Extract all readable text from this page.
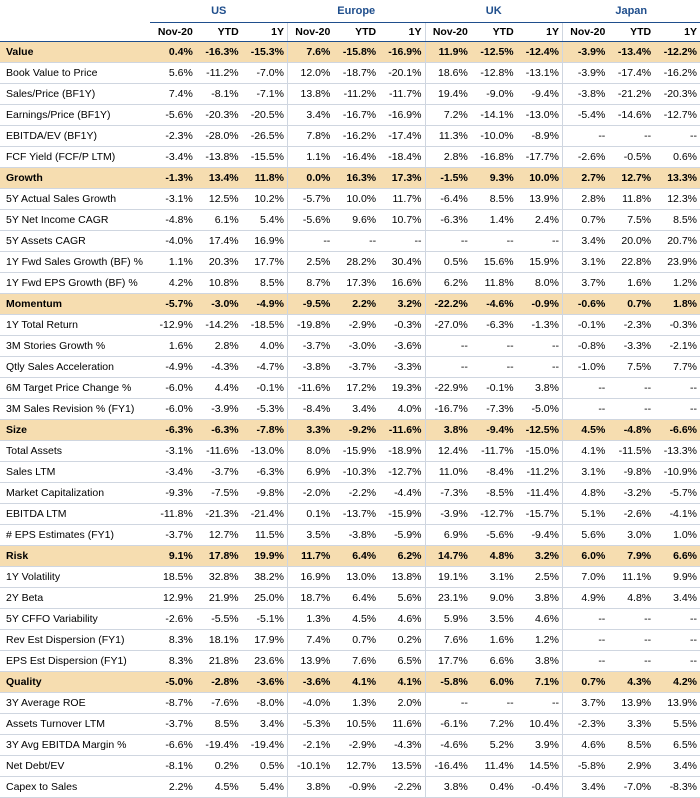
	US			Europe			UK			Japan		
	Nov-20	YTD	1Y	Nov-20	YTD	1Y	Nov-20	YTD	1Y	Nov-20	YTD	1Y
Value	0.4%	-16.3%	-15.3%	7.6%	-15.8%	-16.9%	11.9%	-12.5%	-12.4%	-3.9%	-13.4%	-12.2%
Book Value to Price	5.6%	-11.2%	-7.0%	12.0%	-18.7%	-20.1%	18.6%	-12.8%	-13.1%	-3.9%	-17.4%	-16.2%
Sales/Price (BF1Y)	7.4%	-8.1%	-7.1%	13.8%	-11.2%	-11.7%	19.4%	-9.0%	-9.4%	-3.8%	-21.2%	-20.3%
Earnings/Price (BF1Y)	-5.6%	-20.3%	-20.5%	3.4%	-16.7%	-16.9%	7.2%	-14.1%	-13.0%	-5.4%	-14.6%	-12.7%
EBITDA/EV (BF1Y)	-2.3%	-28.0%	-26.5%	7.8%	-16.2%	-17.4%	11.3%	-10.0%	-8.9%	--	--	--
FCF Yield (FCF/P LTM)	-3.4%	-13.8%	-15.5%	1.1%	-16.4%	-18.4%	2.8%	-16.8%	-17.7%	-2.6%	-0.5%	0.6%
Growth	-1.3%	13.4%	11.8%	0.0%	16.3%	17.3%	-1.5%	9.3%	10.0%	2.7%	12.7%	13.3%
5Y Actual Sales Growth	-3.1%	12.5%	10.2%	-5.7%	10.0%	11.7%	-6.4%	8.5%	13.9%	2.8%	11.8%	12.3%
5Y Net Income CAGR	-4.8%	6.1%	5.4%	-5.6%	9.6%	10.7%	-6.3%	1.4%	2.4%	0.7%	7.5%	8.5%
5Y Assets CAGR	-4.0%	17.4%	16.9%	--	--	--	--	--	--	3.4%	20.0%	20.7%
1Y Fwd Sales Growth (BF) %	1.1%	20.3%	17.7%	2.5%	28.2%	30.4%	0.5%	15.6%	15.9%	3.1%	22.8%	23.9%
1Y Fwd EPS Growth (BF) %	4.2%	10.8%	8.5%	8.7%	17.3%	16.6%	6.2%	11.8%	8.0%	3.7%	1.6%	1.2%
Momentum	-5.7%	-3.0%	-4.9%	-9.5%	2.2%	3.2%	-22.2%	-4.6%	-0.9%	-0.6%	0.7%	1.8%
1Y Total Return	-12.9%	-14.2%	-18.5%	-19.8%	-2.9%	-0.3%	-27.0%	-6.3%	-1.3%	-0.1%	-2.3%	-0.3%
3M Stories Growth %	1.6%	2.8%	4.0%	-3.7%	-3.0%	-3.6%	--	--	--	-0.8%	-3.3%	-2.1%
Qtly Sales Acceleration	-4.9%	-4.3%	-4.7%	-3.8%	-3.7%	-3.3%	--	--	--	-1.0%	7.5%	7.7%
6M Target Price Change %	-6.0%	4.4%	-0.1%	-11.6%	17.2%	19.3%	-22.9%	-0.1%	3.8%	--	--	--
3M Sales Revision % (FY1)	-6.0%	-3.9%	-5.3%	-8.4%	3.4%	4.0%	-16.7%	-7.3%	-5.0%	--	--	--
Size	-6.3%	-6.3%	-7.8%	3.3%	-9.2%	-11.6%	3.8%	-9.4%	-12.5%	4.5%	-4.8%	-6.6%
Total Assets	-3.1%	-11.6%	-13.0%	8.0%	-15.9%	-18.9%	12.4%	-11.7%	-15.0%	4.1%	-11.5%	-13.3%
Sales LTM	-3.4%	-3.7%	-6.3%	6.9%	-10.3%	-12.7%	11.0%	-8.4%	-11.2%	3.1%	-9.8%	-10.9%
Market Capitalization	-9.3%	-7.5%	-9.8%	-2.0%	-2.2%	-4.4%	-7.3%	-8.5%	-11.4%	4.8%	-3.2%	-5.7%
EBITDA LTM	-11.8%	-21.3%	-21.4%	0.1%	-13.7%	-15.9%	-3.9%	-12.7%	-15.7%	5.1%	-2.6%	-4.1%
# EPS Estimates (FY1)	-3.7%	12.7%	11.5%	3.5%	-3.8%	-5.9%	6.9%	-5.6%	-9.4%	5.6%	3.0%	1.0%
Risk	9.1%	17.8%	19.9%	11.7%	6.4%	6.2%	14.7%	4.8%	3.2%	6.0%	7.9%	6.6%
1Y Volatility	18.5%	32.8%	38.2%	16.9%	13.0%	13.8%	19.1%	3.1%	2.5%	7.0%	11.1%	9.9%
2Y Beta	12.9%	21.9%	25.0%	18.7%	6.4%	5.6%	23.1%	9.0%	3.8%	4.9%	4.8%	3.4%
5Y CFFO Variability	-2.6%	-5.5%	-5.1%	1.3%	4.5%	4.6%	5.9%	3.5%	4.6%	--	--	--
Rev Est Dispersion (FY1)	8.3%	18.1%	17.9%	7.4%	0.7%	0.2%	7.6%	1.6%	1.2%	--	--	--
EPS Est Dispersion (FY1)	8.3%	21.8%	23.6%	13.9%	7.6%	6.5%	17.7%	6.6%	3.8%	--	--	--
Quality	-5.0%	-2.8%	-3.6%	-3.6%	4.1%	4.1%	-5.8%	6.0%	7.1%	0.7%	4.3%	4.2%
3Y Average ROE	-8.7%	-7.6%	-8.0%	-4.0%	1.3%	2.0%	--	--	--	3.7%	13.9%	13.9%
Assets Turnover LTM	-3.7%	8.5%	3.4%	-5.3%	10.5%	11.6%	-6.1%	7.2%	10.4%	-2.3%	3.3%	5.5%
3Y Avg EBITDA Margin %	-6.6%	-19.4%	-19.4%	-2.1%	-2.9%	-4.3%	-4.6%	5.2%	3.9%	4.6%	8.5%	6.5%
Net Debt/EV	-8.1%	0.2%	0.5%	-10.1%	12.7%	13.5%	-16.4%	11.4%	14.5%	-5.8%	2.9%	3.4%
Capex to Sales	2.2%	4.5%	5.4%	3.8%	-0.9%	-2.2%	3.8%	0.4%	-0.4%	3.4%	-7.0%	-8.3%
